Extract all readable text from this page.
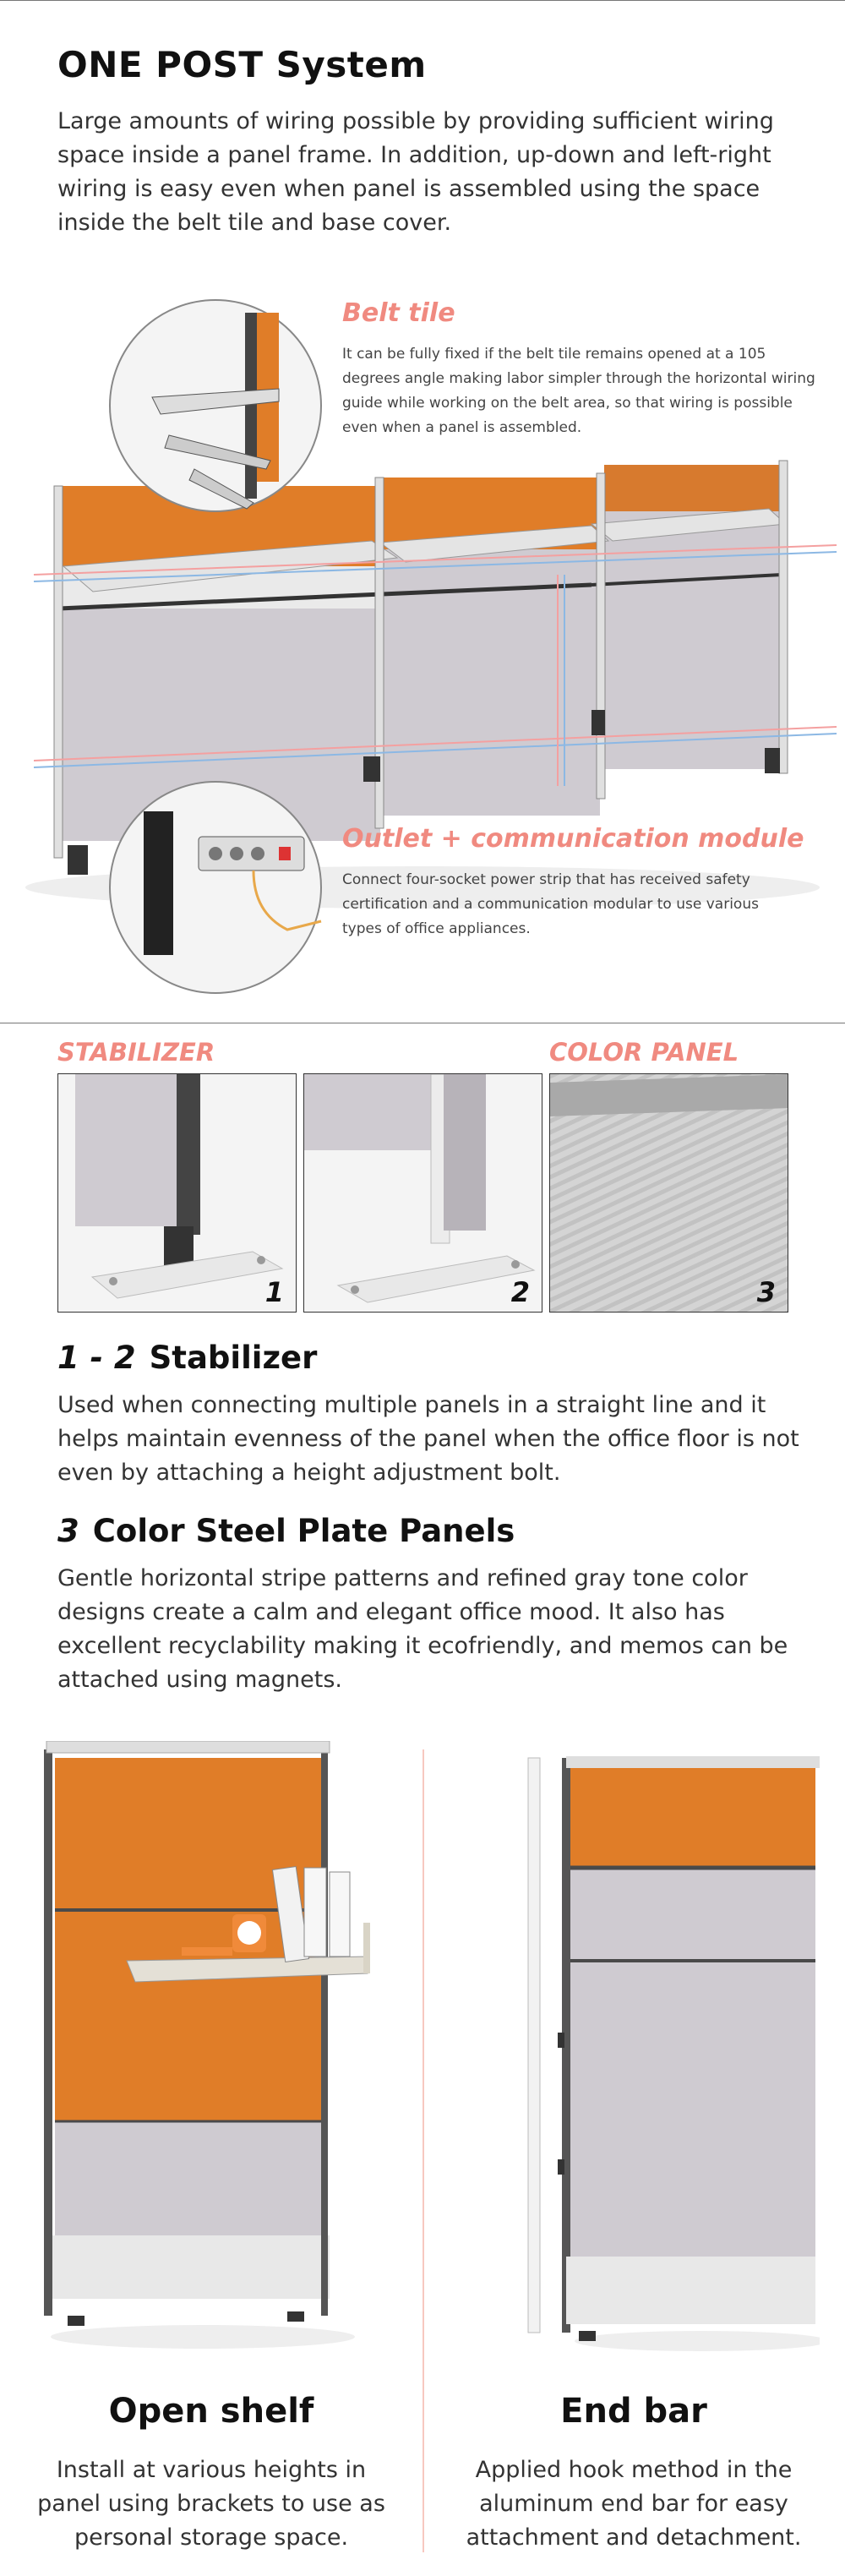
ONE POST System
Large amounts of wiring possible by providing sufficient wiring space inside a panel frame. In addition, up-down and left-right wiring is easy even when panel is assembled using the space inside the belt tile and base cover.
Belt tile
It can be fully fixed if the belt tile remains opened at a 105 degrees angle making labor simpler through the horizontal wiring guide while working on the belt area, so that wiring is possible even when a panel is assembled.
Outlet + communication module
Connect four-socket power strip that has received safety certification and a communication modular to use various types of office appliances.
STABILIZER	COLOR PANEL
1	2	3
1 - 2 Stabilizer
Used when connecting multiple panels in a straight line and it helps maintain evenness of the panel when the office floor is not even by attaching a height adjustment bolt.
3 Color Steel Plate Panels
Gentle horizontal stripe patterns and refined gray tone color designs create a calm and elegant office mood. It also has excellent recyclability making it ecofriendly, and memos can be attached using magnets.
Open shelf
Install at various heights in panel using brackets to use as personal storage space.
End bar
Applied hook method in the aluminum end bar for easy attachment and detachment.
